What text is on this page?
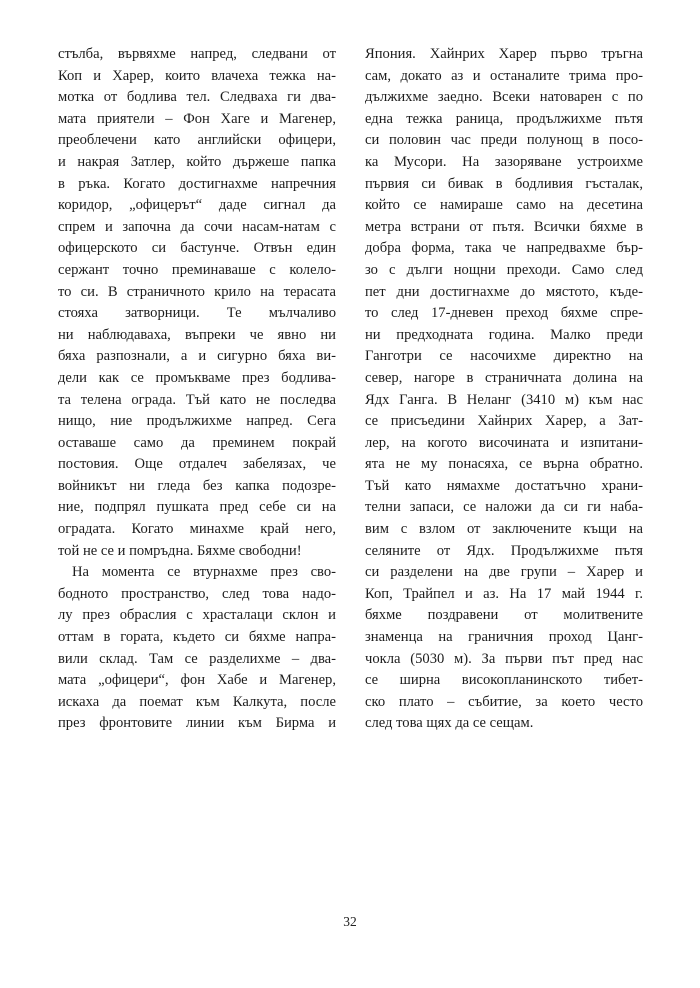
стълба, вървяхме напред, следвани от
Коп и Харер, които влачеха тежка на-
мотка от бодлива тел. Следваха ги два-
мата приятели – Фон Хаге и Магенер,
преоблечени като английски офицери,
и накрая Затлер, който държеше папка
в ръка. Когато достигнахме напречния
коридор, „офицерът“ даде сигнал да
спрем и започна да сочи насам-натам с
офицерското си бастунче. Отвън един
сержант точно преминаваше с колело-
то си. В страничното крило на терасата
стояха затворници. Те мълчаливо
ни наблюдаваха, въпреки че явно ни
бяха разпознали, а и сигурно бяха ви-
дели как се промъкваме през бодлива-
та телена ограда. Тъй като не последва
нищо, ние продължихме напред. Сега
оставаше само да преминем покрай
постовия. Още отдалеч забелязах, че
войникът ни гледа без капка подозре-
ние, подпрял пушката пред себе си на
оградата. Когато минахме край него,
той не се и помръдна. Бяхме свободни!
На момента се втурнахме през сво-
бодното пространство, след това надо-
лу през обраслия с храсталаци склон и
оттам в гората, където си бяхме напра-
вили склад. Там се разделихме – два-
мата „офицери“, фон Хабе и Магенер,
искаха да поемат към Калкута, после
през фронтовите линии към Бирма и
Япония. Хайнрих Харер първо тръгна
сам, докато аз и останалите трима про-
дължихме заедно. Всеки натоварен с по
една тежка раница, продължихме пътя
си половин час преди полунощ в посо-
ка Мусори. На зазоряване устроихме
първия си бивак в бодливия гъсталак,
който се намираше само на десетина
метра встрани от пътя. Всички бяхме в
добра форма, така че напредвахме бър-
зо с дълги нощни преходи. Само след
пет дни достигнахме до мястото, къде-
то след 17-дневен преход бяхме спре-
ни предходната година. Малко преди
Ганготри се насочихме директно на
север, нагоре в страничната долина на
Ядх Ганга. В Неланг (3410 м) към нас
се присъедини Хайнрих Харер, а Зат-
лер, на когото височината и изпитани-
ята не му понасяха, се върна обратно.
Тъй като нямахме достатъчно храни-
телни запаси, се наложи да си ги наба-
вим с взлом от заключените къщи на
селяните от Ядх. Продължихме пътя
си разделени на две групи – Харер и
Коп, Трайпел и аз. На 17 май 1944 г.
бяхме поздравени от молитвените
знаменца на граничния проход Цанг-
чокла (5030 м). За първи път пред нас
се ширна високопланинското тибет-
ско плато – събитие, за което често
след това щях да се сещам.
32
